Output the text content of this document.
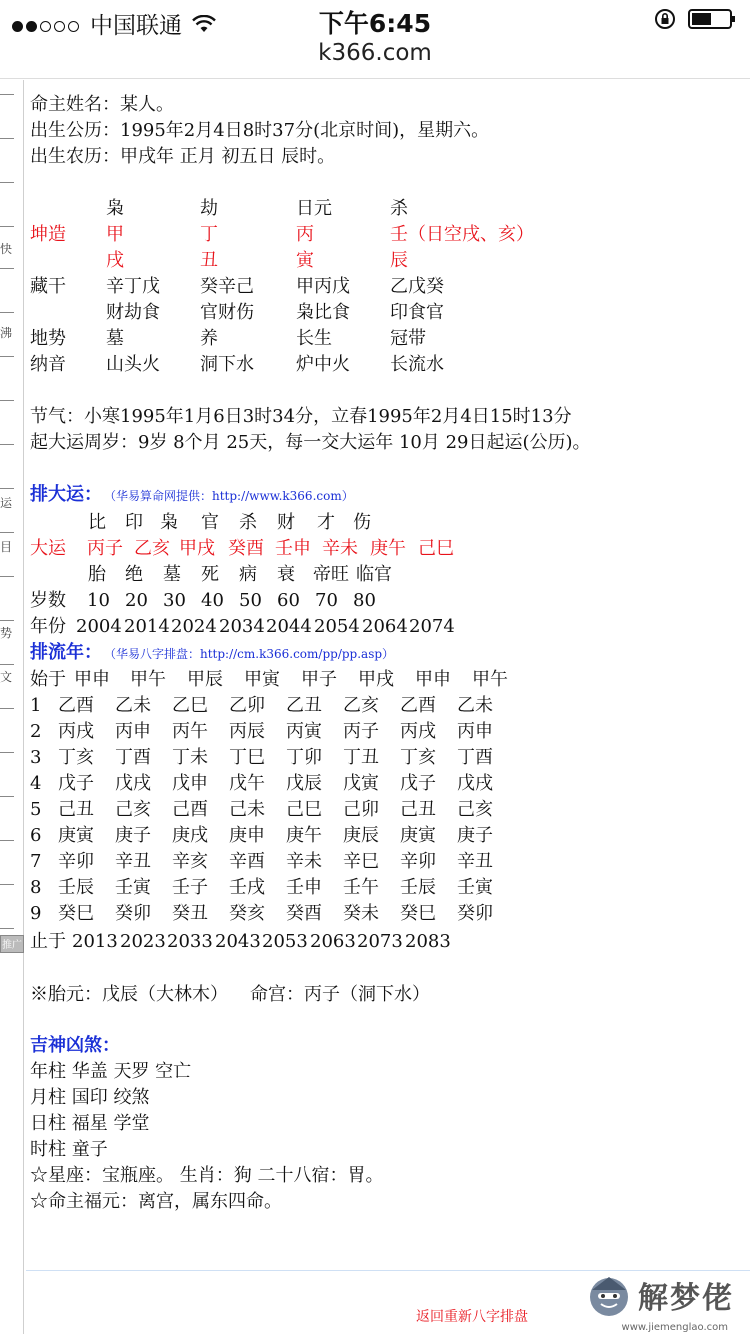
中国联通	下午6:45
k366.com
推广
快
沸
运
目
势
文
命主姓名：某人。
出生公历：1995年2月4日8时37分(北京时间)，星期六。
出生农历：甲戌年 正月 初五日 辰时。
枭	劫	日元	杀
坤造 甲	丁	丙	壬（日空戌、亥）
戌	丑	寅	辰
藏干 辛丁戊 癸辛己 甲丙戊 乙戊癸
财劫食 官财伤 枭比食 印食官
地势 墓	养	长生	冠带
纳音 山头火 洞下水 炉中火 长流水
节气：小寒1995年1月6日3时34分，立春1995年2月4日15时13分
起大运周岁：9岁 8个月 25天，每一交大运年 10月 29日起运(公历)。
排大运： （华易算命网提供：http://www.k366.com）
比 印 枭 官 杀 财 才 伤
大运 丙子 乙亥 甲戌 癸酉 壬申 辛未 庚午 己巳
胎 绝 墓 死 病 衰 帝旺 临官
岁数 10 20 30 40 50 60 70 80
年份 2004 2014 2024 2034 2044 2054 2064 2074
排流年： （华易八字排盘：http://cm.k366.com/pp/pp.asp）
始于 甲申 甲午 甲辰 甲寅 甲子 甲戌 甲申 甲午
1 乙酉 乙未 乙巳 乙卯 乙丑 乙亥 乙酉 乙未
2 丙戌 丙申 丙午 丙辰 丙寅 丙子 丙戌 丙申
3 丁亥 丁酉 丁未 丁巳 丁卯 丁丑 丁亥 丁酉
4 戊子 戊戌 戊申 戊午 戊辰 戊寅 戊子 戊戌
5 己丑 己亥 己酉 己未 己巳 己卯 己丑 己亥
6 庚寅 庚子 庚戌 庚申 庚午 庚辰 庚寅 庚子
7 辛卯 辛丑 辛亥 辛酉 辛未 辛巳 辛卯 辛丑
8 壬辰 壬寅 壬子 壬戌 壬申 壬午 壬辰 壬寅
9 癸巳 癸卯 癸丑 癸亥 癸酉 癸未 癸巳 癸卯
止于 2013 2023 2033 2043 2053 2063 2073 2083
※胎元：戊辰（大林木） 命宫：丙子（洞下水）
吉神凶煞：
年柱 华盖 天罗 空亡
月柱 国印 绞煞
日柱 福星 学堂
时柱 童子
☆星座：宝瓶座。 生肖：狗 二十八宿：胃。
☆命主福元：离宫，属东四命。
返回重新八字排盘
解梦佬
www.jiemenglao.com
